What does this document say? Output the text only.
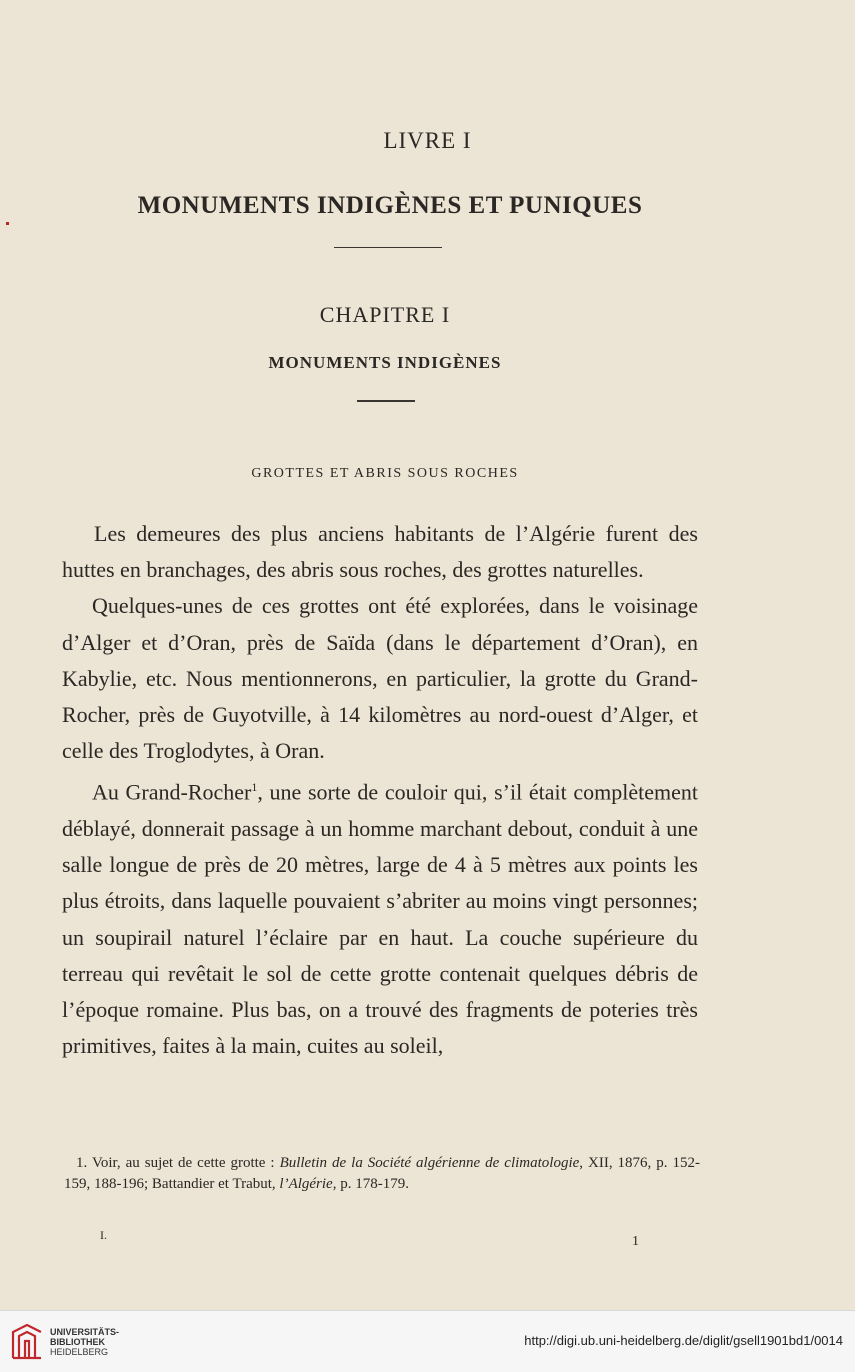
LIVRE I
MONUMENTS INDIGÈNES ET PUNIQUES
CHAPITRE I
MONUMENTS INDIGÈNES
GROTTES ET ABRIS SOUS ROCHES

Les demeures des plus anciens habitants de l’Algérie furent des huttes en branchages, des abris sous roches, des grottes naturelles.

Quelques-unes de ces grottes ont été explorées, dans le voisinage d’Alger et d’Oran, près de Saïda (dans le département d’Oran), en Kabylie, etc. Nous mentionnerons, en particulier, la grotte du Grand-Rocher, près de Guyotville, à 14 kilomètres au nord-ouest d’Alger, et celle des Troglodytes, à Oran.

Au Grand-Rocher$^1$, une sorte de couloir qui, s’il était complètement déblayé, donnerait passage à un homme marchant debout, conduit à une salle longue de près de 20 mètres, large de 4 à 5 mètres aux points les plus étroits, dans laquelle pouvaient s’abriter au moins vingt personnes; un soupirail naturel l’éclaire par en haut. La couche supérieure du terreau qui revêtait le sol de cette grotte contenait quelques débris de l’époque romaine. Plus bas, on a trouvé des fragments de poteries très primitives, faites à la main, cuites au soleil,

1. Voir, au sujet de cette grotte : Bulletin de la Société algérienne de climatologie, XII, 1876, p. 152-159, 188-196; Battandier et Trabut, l’Algérie, p. 178-179.
I.	1
UNIVERSITÄTS-
BIBLIOTHEK
HEIDELBERG
http://digi.ub.uni-heidelberg.de/diglit/gsell1901bd1/0014
